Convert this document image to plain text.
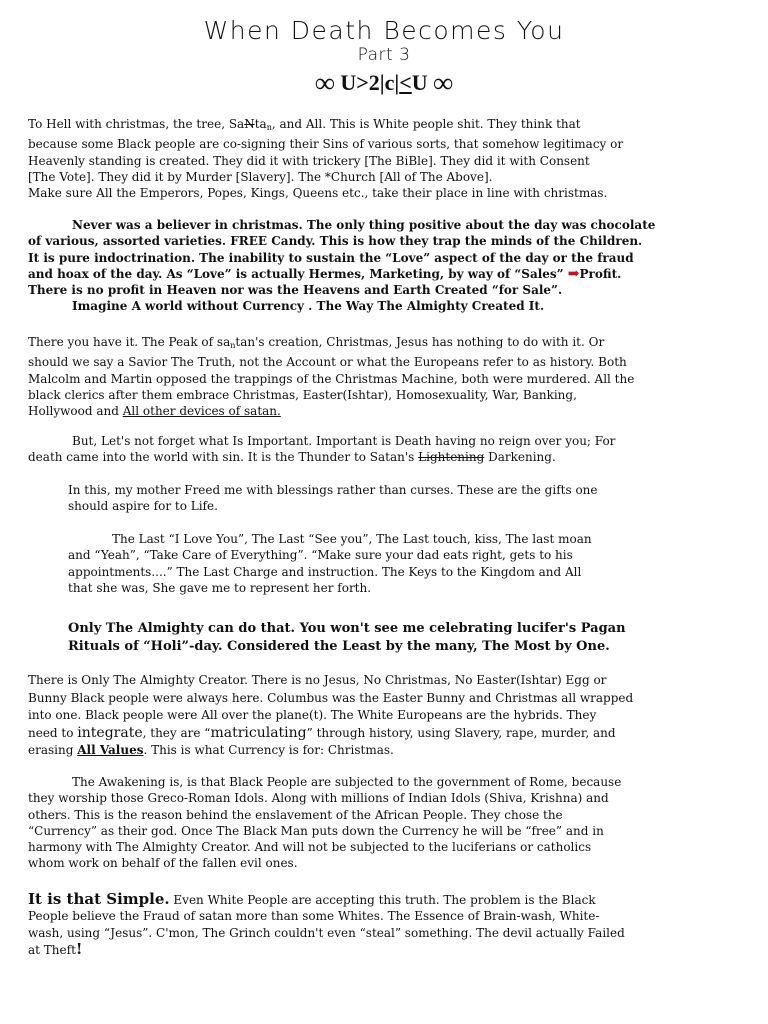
When Death Becomes You
Part 3
∞ U>2|c|<U ∞
To Hell with christmas, the tree, SaNtan, and All. This is White people shit. They think that
because some Black people are co-signing their Sins of various sorts, that somehow legitimacy or
Heavenly standing is created. They did it with trickery [The BiBle]. They did it with Consent
[The Vote]. They did it by Murder [Slavery]. The *Church [All of The Above].
Make sure All the Emperors, Popes, Kings, Queens etc., take their place in line with christmas.
Never was a believer in christmas. The only thing positive about the day was chocolate
of various, assorted varieties. FREE Candy. This is how they trap the minds of the Children.
It is pure indoctrination. The inability to sustain the “Love” aspect of the day or the fraud
and hoax of the day. As “Love” is actually Hermes, Marketing, by way of “Sales” ➡Profit.
There is no profit in Heaven nor was the Heavens and Earth Created “for Sale”.
Imagine A world without Currency . The Way The Almighty Created It.
There you have it. The Peak of santan's creation, Christmas, Jesus has nothing to do with it. Or
should we say a Savior The Truth, not the Account or what the Europeans refer to as history. Both
Malcolm and Martin opposed the trappings of the Christmas Machine, both were murdered. All the
black clerics after them embrace Christmas, Easter(Ishtar), Homosexuality, War, Banking,
Hollywood and All other devices of satan.
But, Let's not forget what Is Important. Important is Death having no reign over you; For
death came into the world with sin. It is the Thunder to Satan's Lightening Darkening.
In this, my mother Freed me with blessings rather than curses. These are the gifts one
should aspire for to Life.
The Last “I Love You”, The Last “See you”, The Last touch, kiss, The last moan
and “Yeah”, “Take Care of Everything”. “Make sure your dad eats right, gets to his
appointments....” The Last Charge and instruction. The Keys to the Kingdom and All
that she was, She gave me to represent her forth.
Only The Almighty can do that. You won't see me celebrating lucifer's Pagan
Rituals of “Holi”-day. Considered the Least by the many, The Most by One.
There is Only The Almighty Creator. There is no Jesus, No Christmas, No Easter(Ishtar) Egg or
Bunny Black people were always here. Columbus was the Easter Bunny and Christmas all wrapped
into one. Black people were All over the plane(t). The White Europeans are the hybrids. They
need to integrate, they are “matriculating” through history, using Slavery, rape, murder, and
erasing All Values. This is what Currency is for: Christmas.
The Awakening is, is that Black People are subjected to the government of Rome, because
they worship those Greco-Roman Idols. Along with millions of Indian Idols (Shiva, Krishna) and
others. This is the reason behind the enslavement of the African People. They chose the
“Currency” as their god. Once The Black Man puts down the Currency he will be “free” and in
harmony with The Almighty Creator. And will not be subjected to the luciferians or catholics
whom work on behalf of the fallen evil ones.
It is that Simple. Even White People are accepting this truth. The problem is the Black
People believe the Fraud of satan more than some Whites. The Essence of Brain-wash, White-
wash, using “Jesus”. C'mon, The Grinch couldn't even “steal” something. The devil actually Failed
at Theft!
